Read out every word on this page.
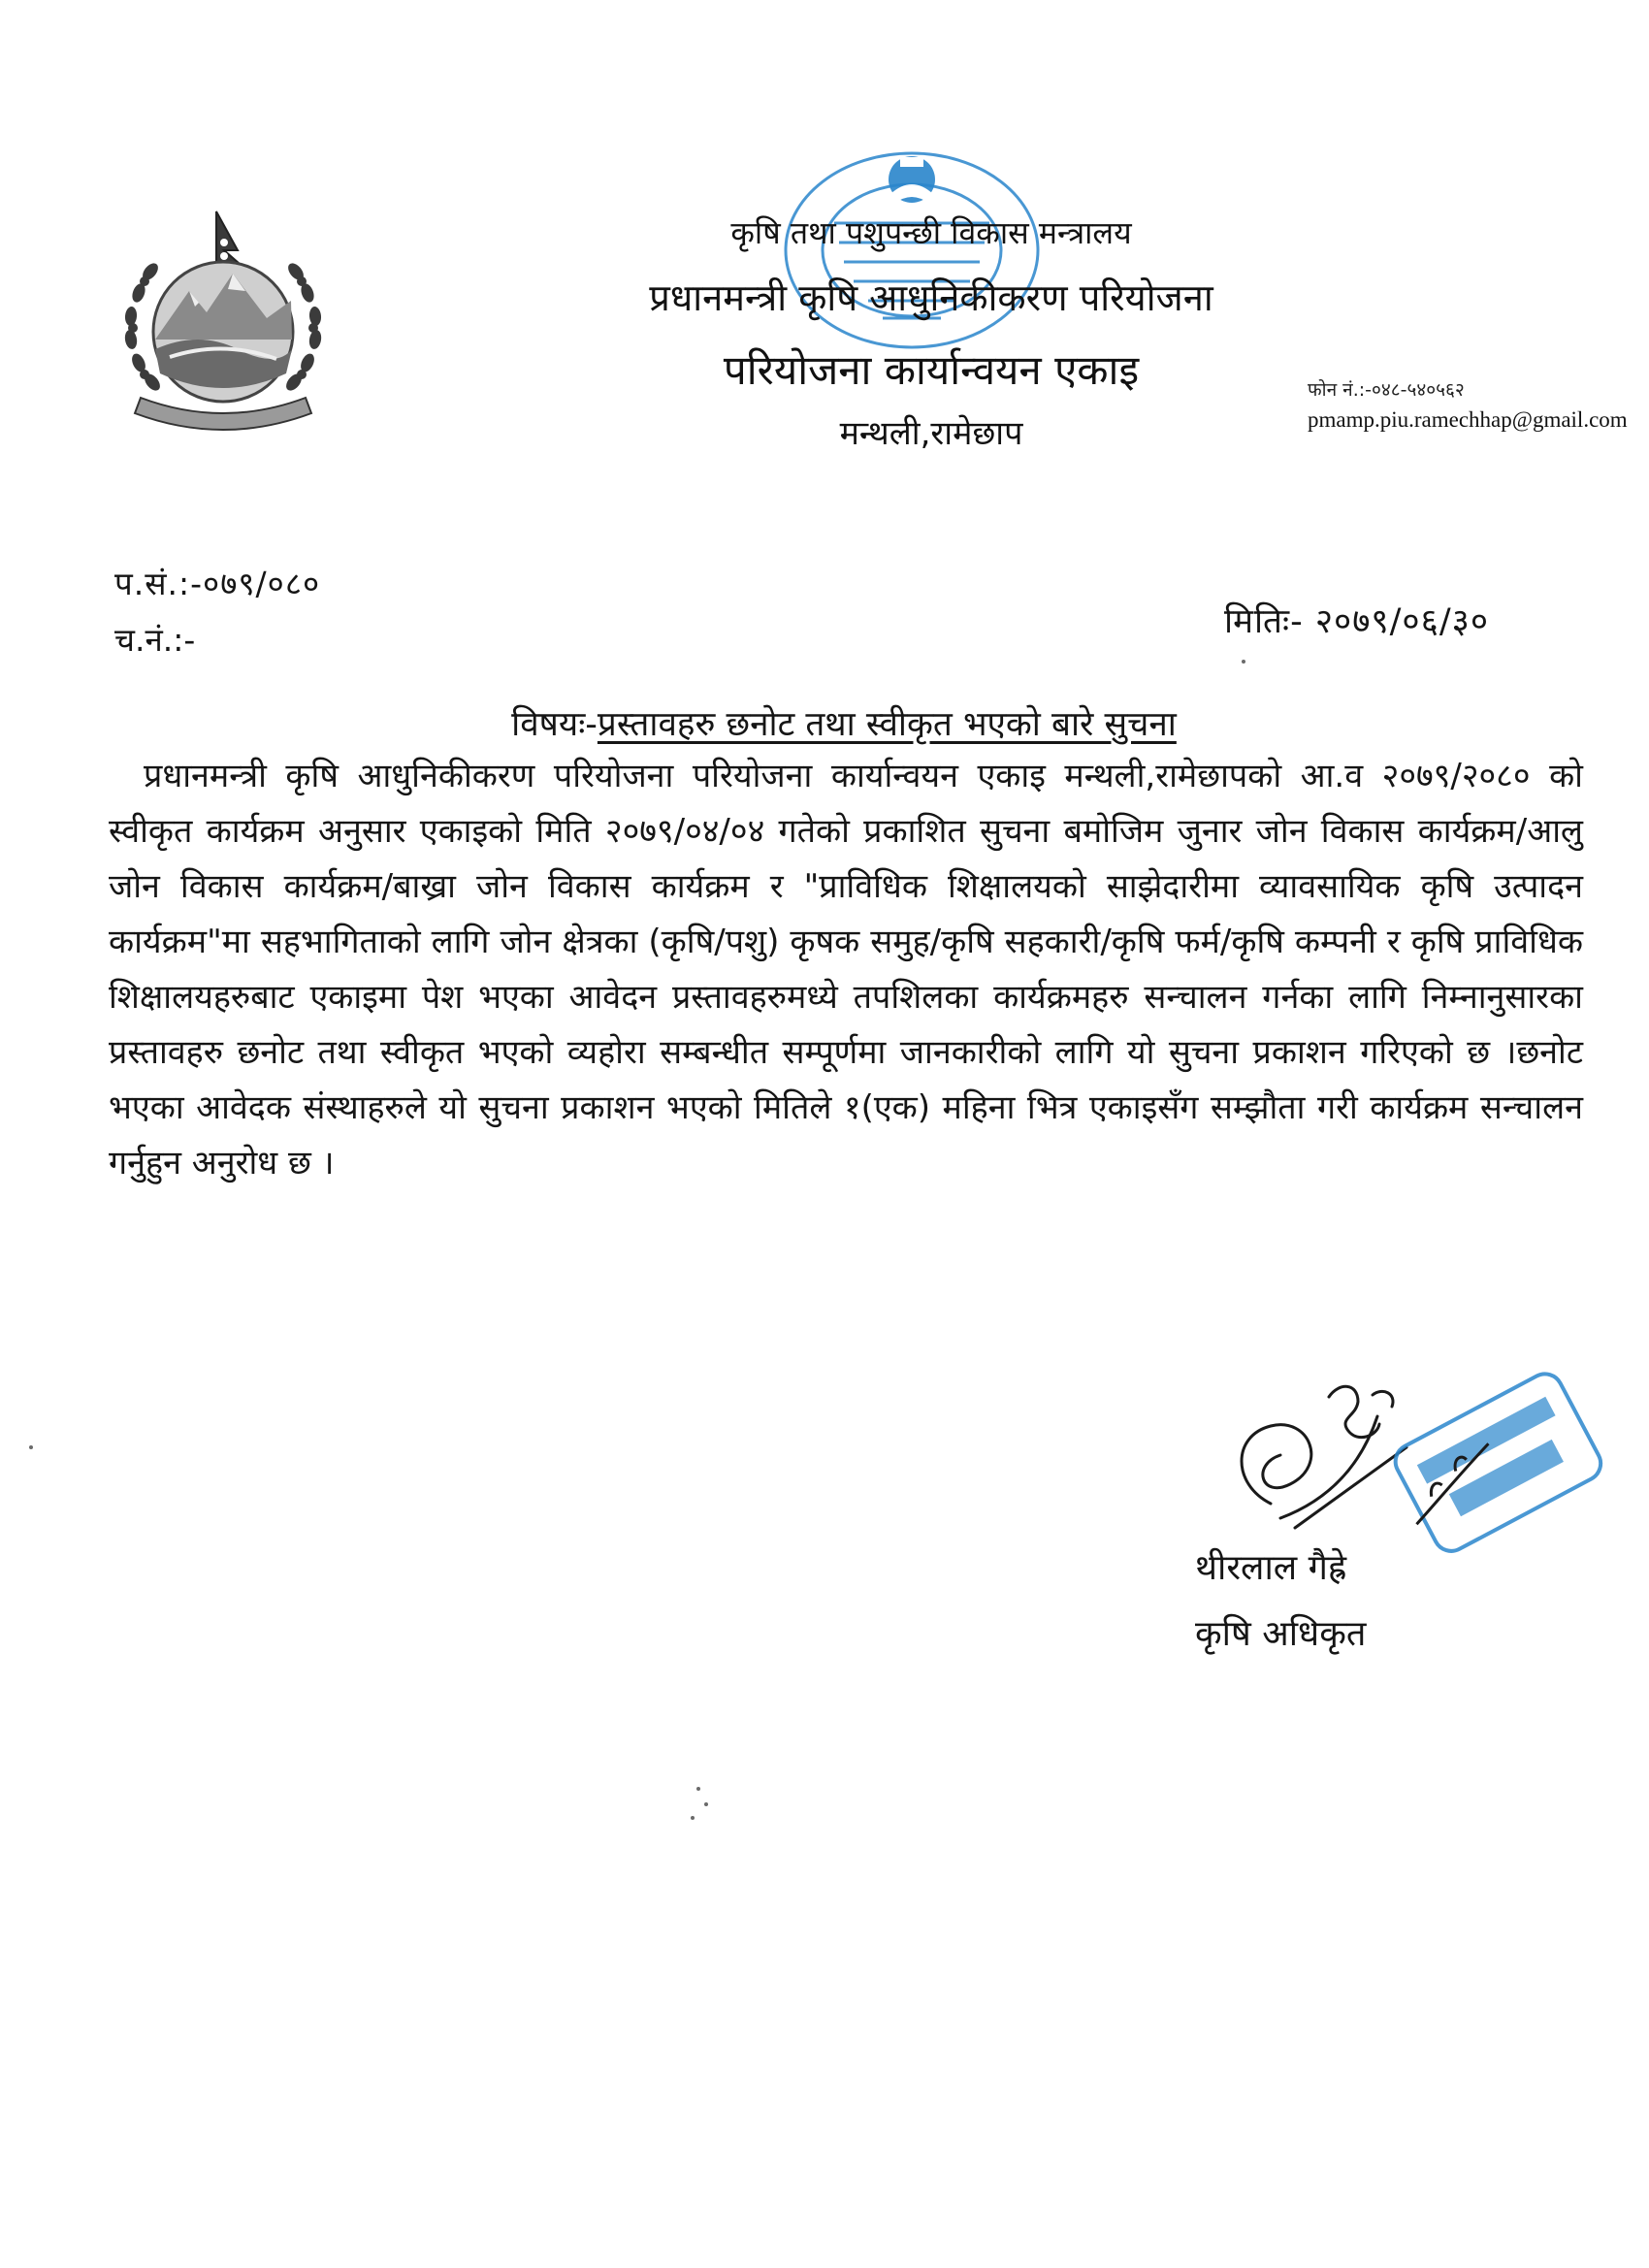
कृषि तथा पशुपन्छी विकास मन्त्रालय
प्रधानमन्त्री कृषि आधुनिकीकरण परियोजना
परियोजना कार्यान्वयन एकाइ
मन्थली,रामेछाप
फोन नं.:-०४८-५४०५६२
pmamp.piu.ramechhap@gmail.com
प.सं.:-०७९/०८०
च.नं.:-	मितिः- २०७९/०६/३०
विषयः-प्रस्तावहरु छनोट तथा स्वीकृत भएको बारे सुचना
प्रधानमन्त्री कृषि आधुनिकीकरण परियोजना परियोजना कार्यान्वयन एकाइ मन्थली,रामेछापको आ.व २०७९/२०८० को स्वीकृत कार्यक्रम अनुसार एकाइको मिति २०७९/०४/०४ गतेको प्रकाशित सुचना बमोजिम जुनार जोन विकास कार्यक्रम/आलु जोन विकास कार्यक्रम/बाख्रा जोन विकास कार्यक्रम र "प्राविधिक शिक्षालयको साझेदारीमा व्यावसायिक कृषि उत्पादन कार्यक्रम"मा सहभागिताको लागि जोन क्षेत्रका (कृषि/पशु) कृषक समुह/कृषि सहकारी/कृषि फर्म/कृषि कम्पनी र कृषि प्राविधिक शिक्षालयहरुबाट एकाइमा पेश भएका आवेदन प्रस्तावहरुमध्ये तपशिलका कार्यक्रमहरु सन्चालन गर्नका लागि निम्नानुसारका प्रस्तावहरु छनोट तथा स्वीकृत भएको व्यहोरा सम्बन्धीत सम्पूर्णमा जानकारीको लागि यो सुचना प्रकाशन गरिएको छ ।छनोट भएका आवेदक संस्थाहरुले यो सुचना प्रकाशन भएको मितिले १(एक) महिना भित्र एकाइसँग सम्झौता गरी कार्यक्रम सन्चालन गर्नुहुन अनुरोध छ ।
थीरलाल गैह्रे
कृषि अधिकृत
